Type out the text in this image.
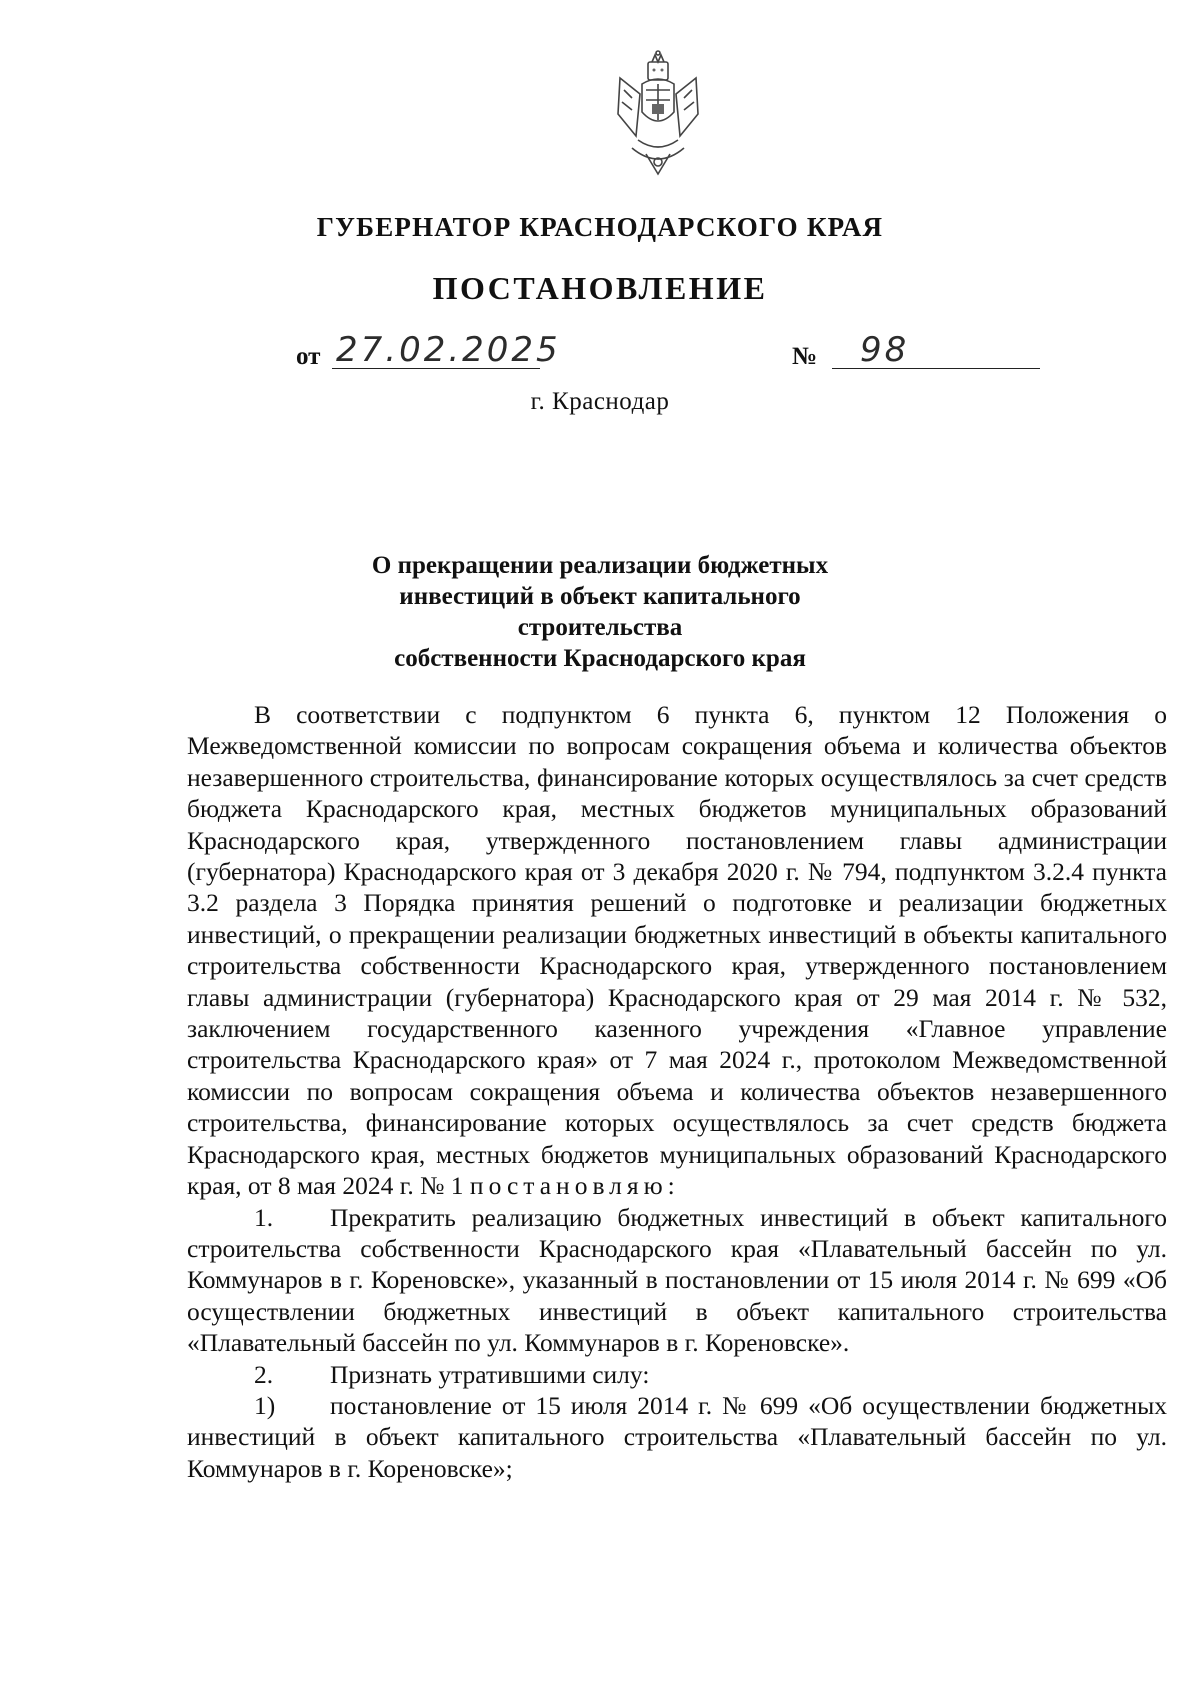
ГУБЕРНАТОР КРАСНОДАРСКОГО КРАЯ
ПОСТАНОВЛЕНИЕ
от 27.02.2025	№ 98
г. Краснодар
О прекращении реализации бюджетных
инвестиций в объект капитального строительства
собственности Краснодарского края

В соответствии с подпунктом 6 пункта 6, пунктом 12 Положения о Межведомственной комиссии по вопросам сокращения объема и количества объектов незавершенного строительства, финансирование которых осуществлялось за счет средств бюджета Краснодарского края, местных бюджетов муниципальных образований Краснодарского края, утвержденного постановлением главы администрации (губернатора) Краснодарского края от 3 декабря 2020 г. № 794, подпунктом 3.2.4 пункта 3.2 раздела 3 Порядка принятия решений о подготовке и реализации бюджетных инвестиций, о прекращении реализации бюджетных инвестиций в объекты капитального строительства собственности Краснодарского края, утвержденного постановлением главы администрации (губернатора) Краснодарского края от 29 мая 2014 г. № 532, заключением государственного казенного учреждения «Главное управление строительства Краснодарского края» от 7 мая 2024 г., протоколом Межведомственной комиссии по вопросам сокращения объема и количества объектов незавершенного строительства, финансирование которых осуществлялось за счет средств бюджета Краснодарского края, местных бюджетов муниципальных образований Краснодарского края, от 8 мая 2024 г. № 1 постановляю:

1. Прекратить реализацию бюджетных инвестиций в объект капитального строительства собственности Краснодарского края «Плавательный бассейн по ул. Коммунаров в г. Кореновске», указанный в постановлении от 15 июля 2014 г. № 699 «Об осуществлении бюджетных инвестиций в объект капитального строительства «Плавательный бассейн по ул. Коммунаров в г. Кореновске».

2. Признать утратившими силу:

1) постановление от 15 июля 2014 г. № 699 «Об осуществлении бюджетных инвестиций в объект капитального строительства «Плавательный бассейн по ул. Коммунаров в г. Кореновске»;
